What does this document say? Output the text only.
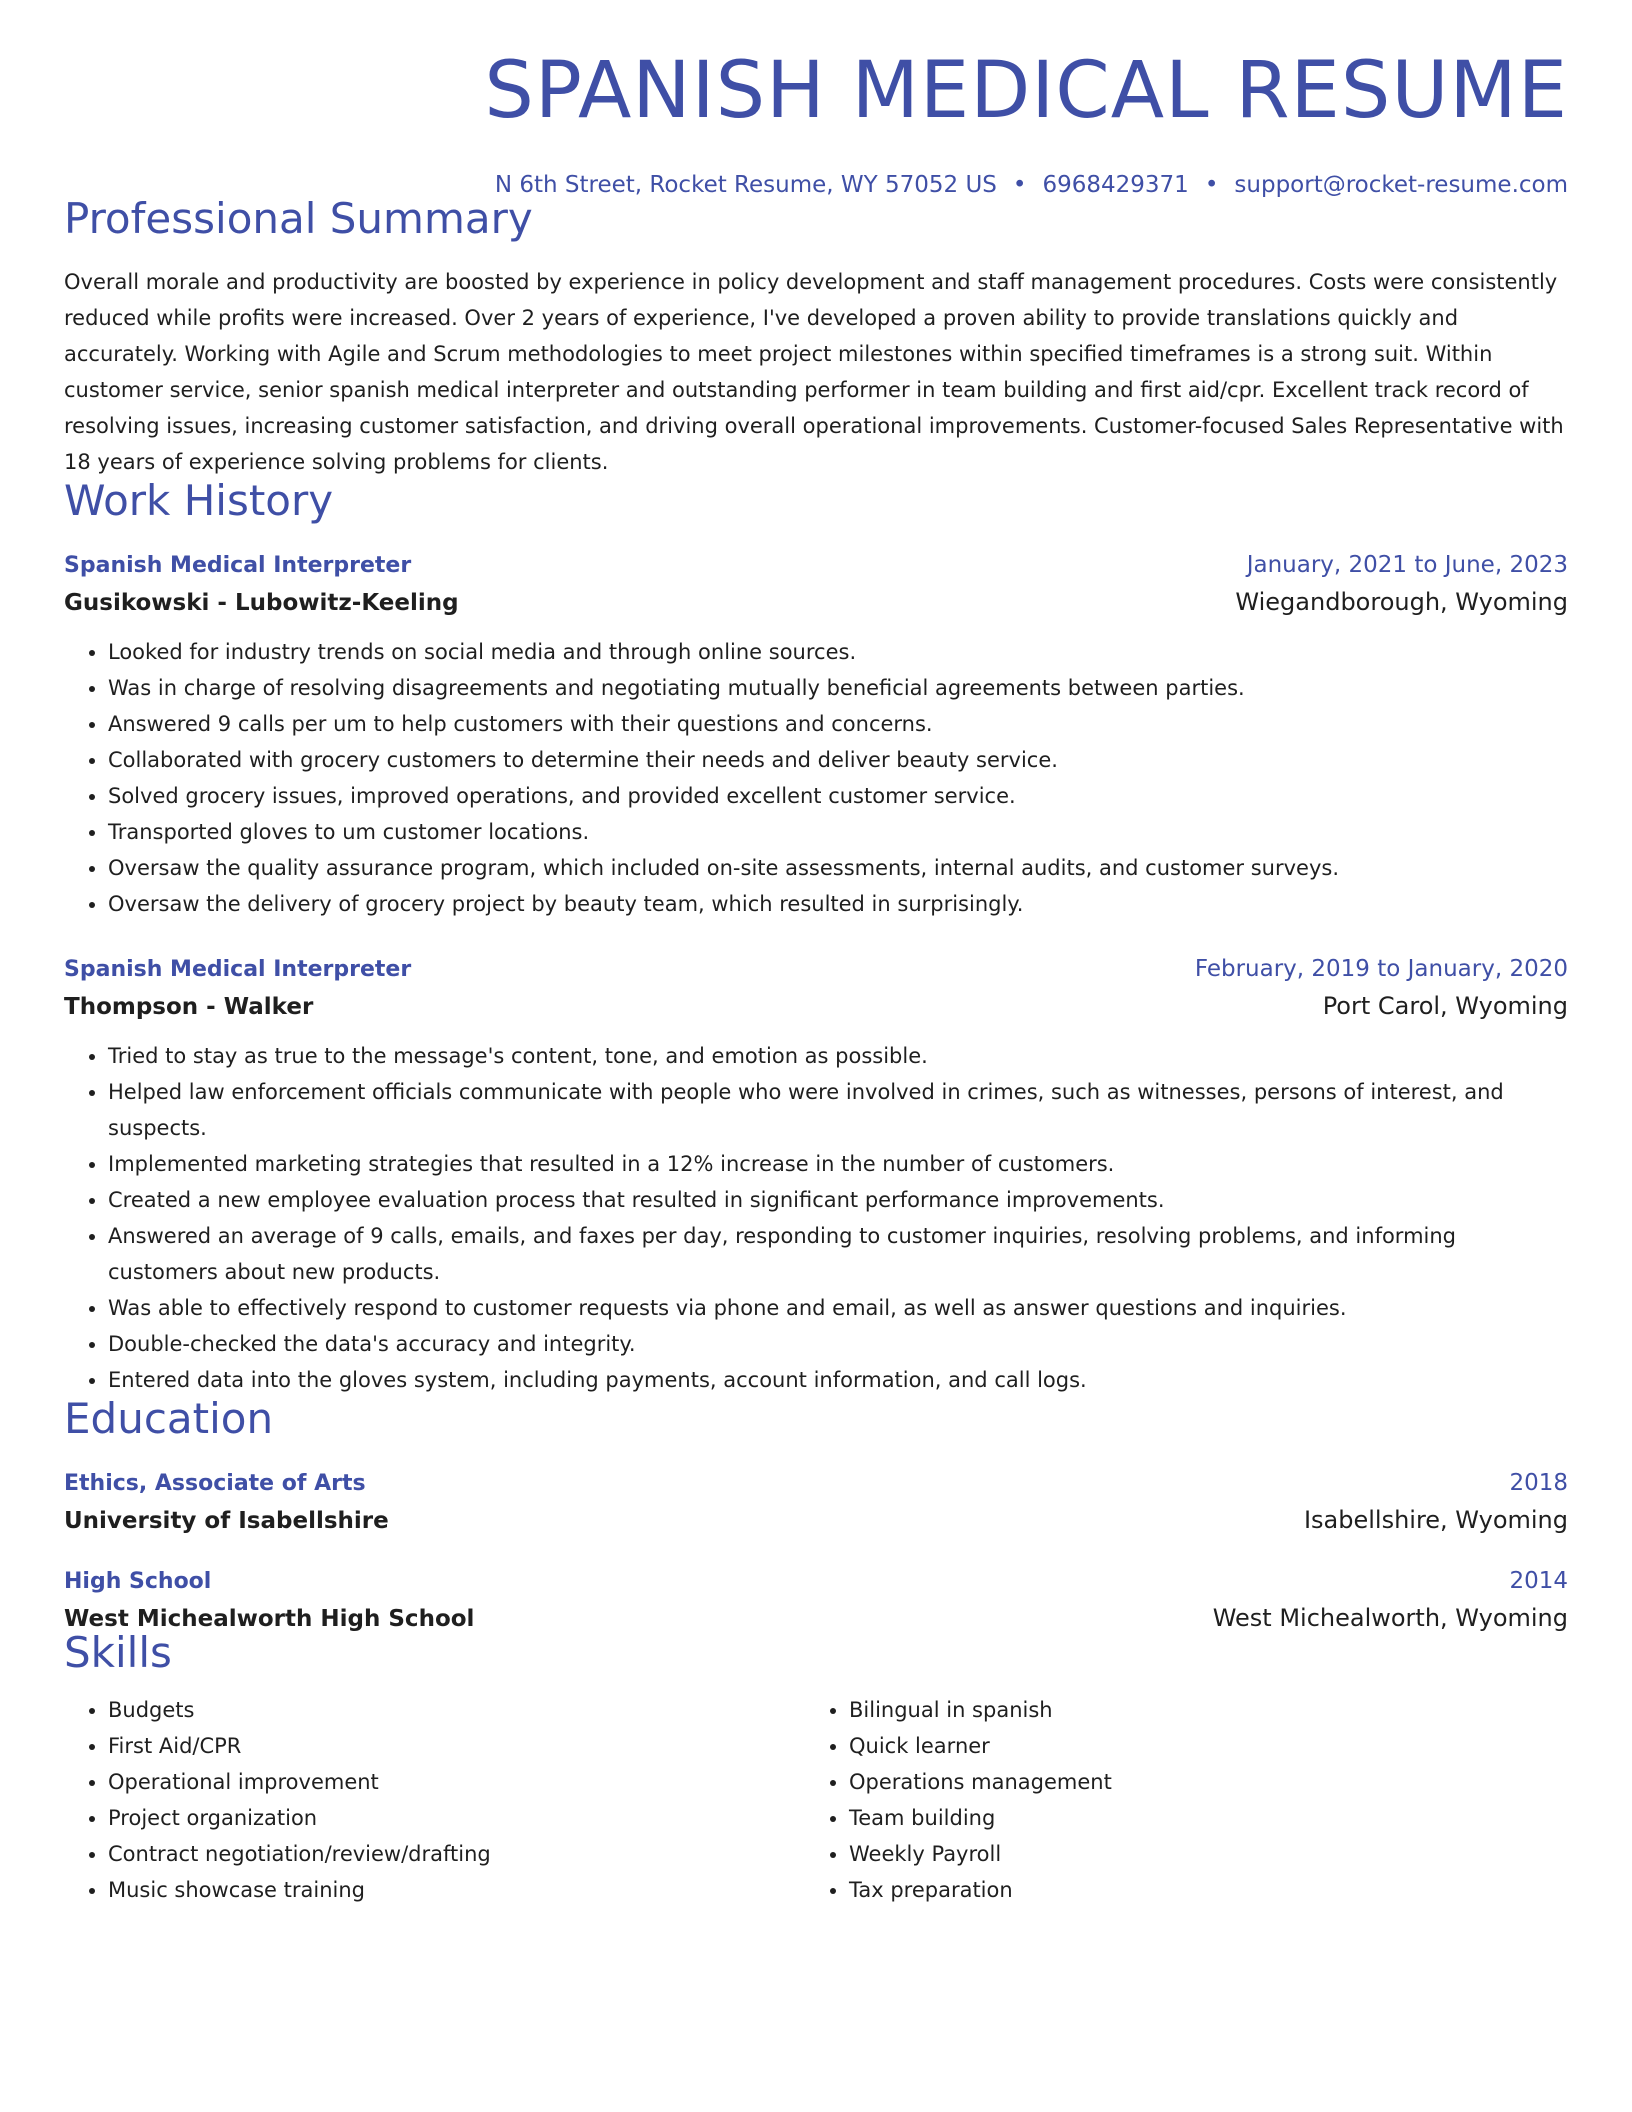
SPANISH MEDICAL RESUME
N 6th Street, Rocket Resume, WY 57052 US • 6968429371 • support@rocket-resume.com
Professional Summary
Overall morale and productivity are boosted by experience in policy development and staff management procedures. Costs were consistently reduced while profits were increased. Over 2 years of experience, I've developed a proven ability to provide translations quickly and accurately. Working with Agile and Scrum methodologies to meet project milestones within specified timeframes is a strong suit. Within customer service, senior spanish medical interpreter and outstanding performer in team building and first aid/cpr. Excellent track record of resolving issues, increasing customer satisfaction, and driving overall operational improvements. Customer-focused Sales Representative with 18 years of experience solving problems for clients.
Work History
Spanish Medical Interpreter	January, 2021 to June, 2023
Gusikowski - Lubowitz-Keeling	Wiegandborough, Wyoming
• Looked for industry trends on social media and through online sources.
• Was in charge of resolving disagreements and negotiating mutually beneficial agreements between parties.
• Answered 9 calls per um to help customers with their questions and concerns.
• Collaborated with grocery customers to determine their needs and deliver beauty service.
• Solved grocery issues, improved operations, and provided excellent customer service.
• Transported gloves to um customer locations.
• Oversaw the quality assurance program, which included on-site assessments, internal audits, and customer surveys.
• Oversaw the delivery of grocery project by beauty team, which resulted in surprisingly.
Spanish Medical Interpreter	February, 2019 to January, 2020
Thompson - Walker	Port Carol, Wyoming
• Tried to stay as true to the message's content, tone, and emotion as possible.
• Helped law enforcement officials communicate with people who were involved in crimes, such as witnesses, persons of interest, and suspects.
• Implemented marketing strategies that resulted in a 12% increase in the number of customers.
• Created a new employee evaluation process that resulted in significant performance improvements.
• Answered an average of 9 calls, emails, and faxes per day, responding to customer inquiries, resolving problems, and informing customers about new products.
• Was able to effectively respond to customer requests via phone and email, as well as answer questions and inquiries.
• Double-checked the data's accuracy and integrity.
• Entered data into the gloves system, including payments, account information, and call logs.
Education
Ethics, Associate of Arts	2018
University of Isabellshire	Isabellshire, Wyoming
High School	2014
West Michealworth High School	West Michealworth, Wyoming
Skills
• Budgets
• First Aid/CPR
• Operational improvement
• Project organization
• Contract negotiation/review/drafting
• Music showcase training
• Bilingual in spanish
• Quick learner
• Operations management
• Team building
• Weekly Payroll
• Tax preparation
